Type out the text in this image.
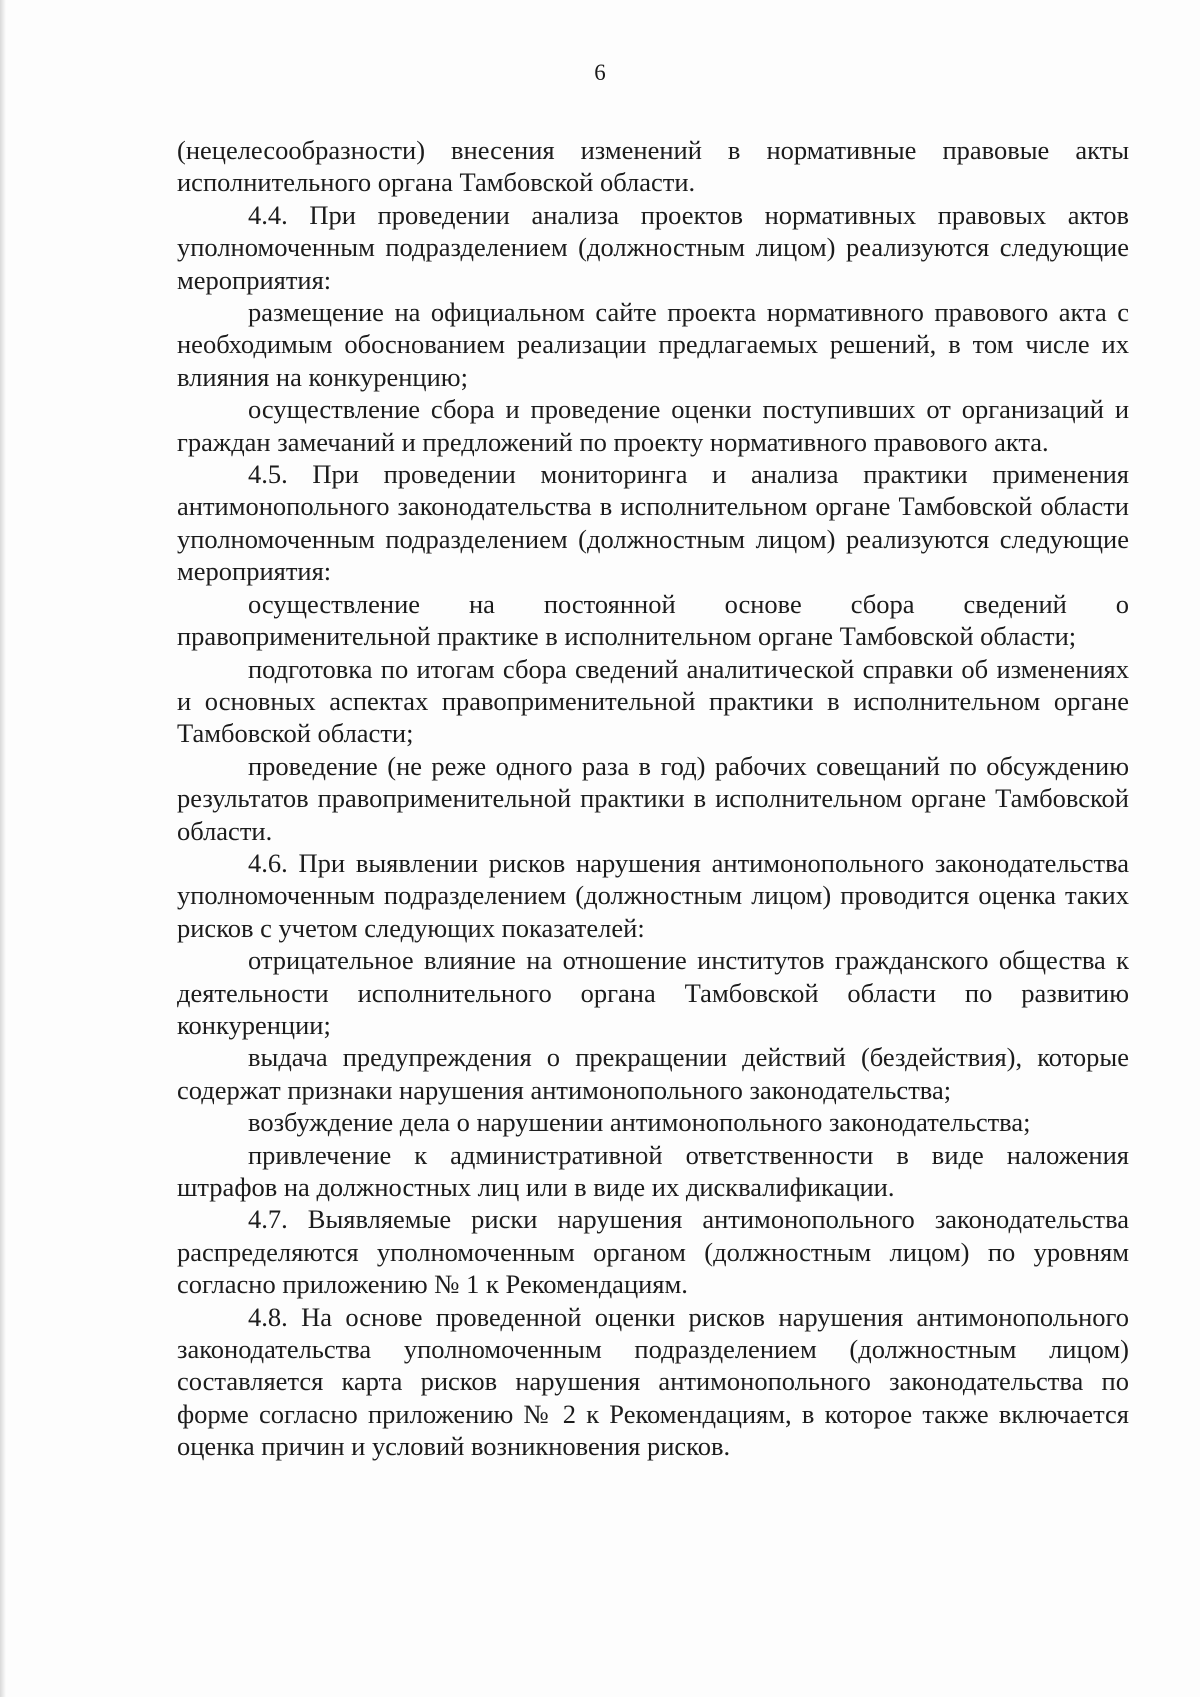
6

(нецелесообразности) внесения изменений в нормативные правовые акты исполнительного органа Тамбовской области.

4.4. При проведении анализа проектов нормативных правовых актов уполномоченным подразделением (должностным лицом) реализуются следующие мероприятия:

размещение на официальном сайте проекта нормативного правового акта с необходимым обоснованием реализации предлагаемых решений, в том числе их влияния на конкуренцию;

осуществление сбора и проведение оценки поступивших от организаций и граждан замечаний и предложений по проекту нормативного правового акта.

4.5. При проведении мониторинга и анализа практики применения антимонопольного законодательства в исполнительном органе Тамбовской области уполномоченным подразделением (должностным лицом) реализуются следующие мероприятия:

осуществление на постоянной основе сбора сведений о правоприменительной практике в исполнительном органе Тамбовской области;

подготовка по итогам сбора сведений аналитической справки об изменениях и основных аспектах правоприменительной практики в исполнительном органе Тамбовской области;

проведение (не реже одного раза в год) рабочих совещаний по обсуждению результатов правоприменительной практики в исполнительном органе Тамбовской области.

4.6. При выявлении рисков нарушения антимонопольного законодательства уполномоченным подразделением (должностным лицом) проводится оценка таких рисков с учетом следующих показателей:

отрицательное влияние на отношение институтов гражданского общества к деятельности исполнительного органа Тамбовской области по развитию конкуренции;

выдача предупреждения о прекращении действий (бездействия), которые содержат признаки нарушения антимонопольного законодательства;

возбуждение дела о нарушении антимонопольного законодательства;

привлечение к административной ответственности в виде наложения штрафов на должностных лиц или в виде их дисквалификации.

4.7. Выявляемые риски нарушения антимонопольного законодательства распределяются уполномоченным органом (должностным лицом) по уровням согласно приложению № 1 к Рекомендациям.

4.8. На основе проведенной оценки рисков нарушения антимонопольного законодательства уполномоченным подразделением (должностным лицом) составляется карта рисков нарушения антимонопольного законодательства по форме согласно приложению № 2 к Рекомендациям, в которое также включается оценка причин и условий возникновения рисков.
